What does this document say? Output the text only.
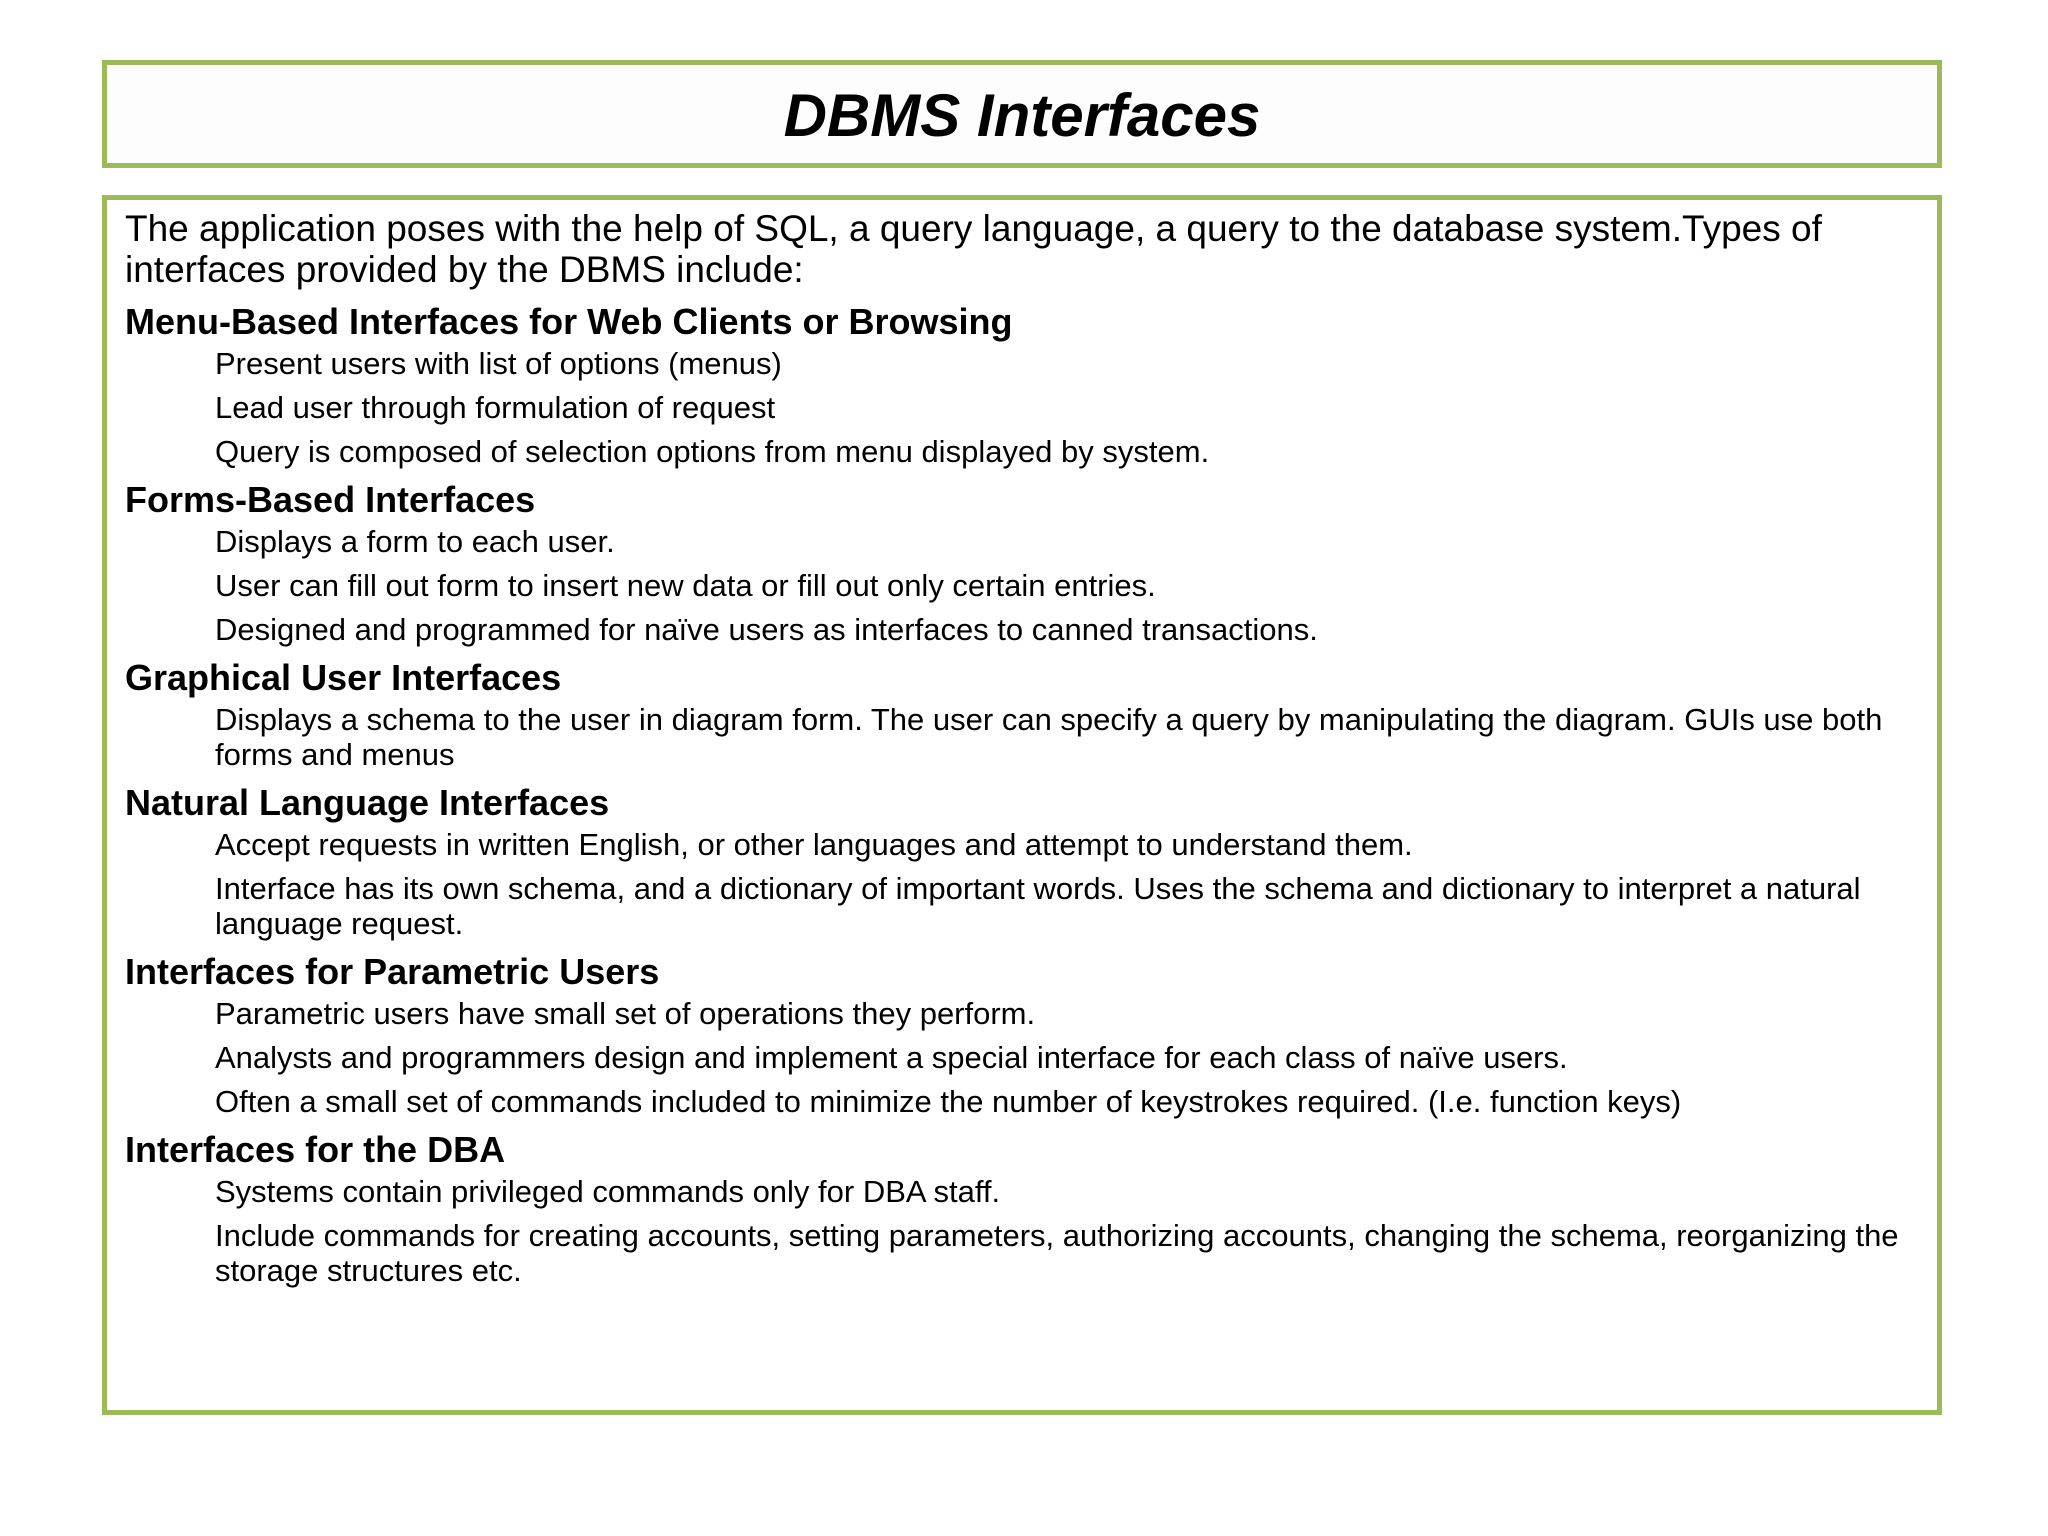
DBMS Interfaces
The application poses with the help of SQL, a query language, a query to the database system.Types of interfaces provided by the DBMS include:
Menu-Based Interfaces for Web Clients or Browsing
Present users with list of options (menus)
Lead user through formulation of request
Query is composed of selection options from menu displayed by system.
Forms-Based Interfaces
Displays a form to each user.
User can fill out form to insert new data or fill out only certain entries.
Designed and programmed for naïve users as interfaces to canned transactions.
Graphical User Interfaces
Displays a schema to the user in diagram form. The user can specify a query by manipulating the diagram. GUIs use both forms and menus
Natural Language Interfaces
Accept requests in written English, or other languages and attempt to understand them.
Interface has its own schema, and a dictionary of important words. Uses the schema and dictionary to interpret a natural language request.
Interfaces for Parametric Users
Parametric users have small set of operations they perform.
Analysts and programmers design and implement a special interface for each class of naïve users.
Often a small set of commands included to minimize the number of keystrokes required. (I.e. function keys)
Interfaces for the DBA
Systems contain privileged commands only for DBA staff.
Include commands for creating accounts, setting parameters, authorizing accounts, changing the schema, reorganizing the storage structures etc.
